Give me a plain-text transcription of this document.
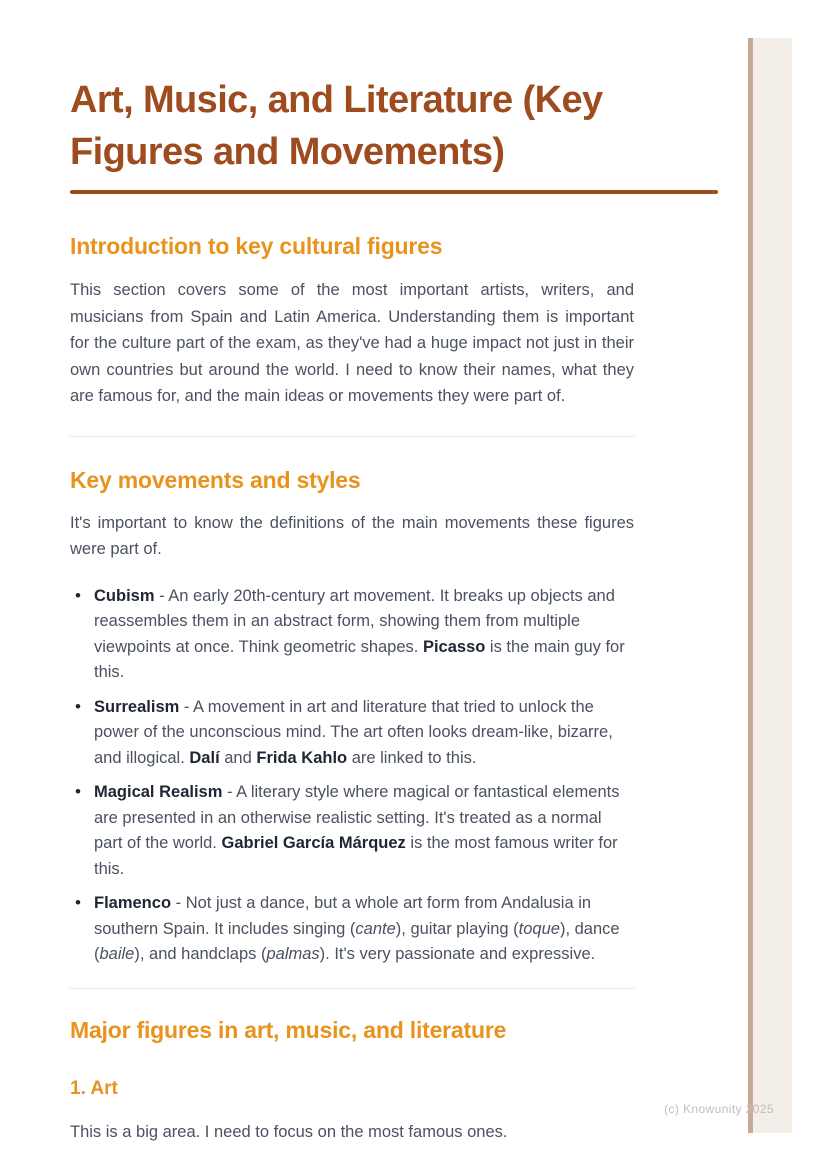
Art, Music, and Literature (Key Figures and Movements)
Introduction to key cultural figures

This section covers some of the most important artists, writers, and musicians from Spain and Latin America. Understanding them is important for the culture part of the exam, as they've had a huge impact not just in their own countries but around the world. I need to know their names, what they are famous for, and the main ideas or movements they were part of.

Key movements and styles

It's important to know the definitions of the main movements these figures were part of.

• Cubism - An early 20th-century art movement. It breaks up objects and reassembles them in an abstract form, showing them from multiple viewpoints at once. Think geometric shapes. Picasso is the main guy for this.
• Surrealism - A movement in art and literature that tried to unlock the power of the unconscious mind. The art often looks dream-like, bizarre, and illogical. Dalí and Frida Kahlo are linked to this.
• Magical Realism - A literary style where magical or fantastical elements are presented in an otherwise realistic setting. It's treated as a normal part of the world. Gabriel García Márquez is the most famous writer for this.
• Flamenco - Not just a dance, but a whole art form from Andalusia in southern Spain. It includes singing (cante), guitar playing (toque), dance (baile), and handclaps (palmas). It's very passionate and expressive.
Major figures in art, music, and literature
1. Art

This is a big area. I need to focus on the most famous ones.

(c) Knowunity 2025
